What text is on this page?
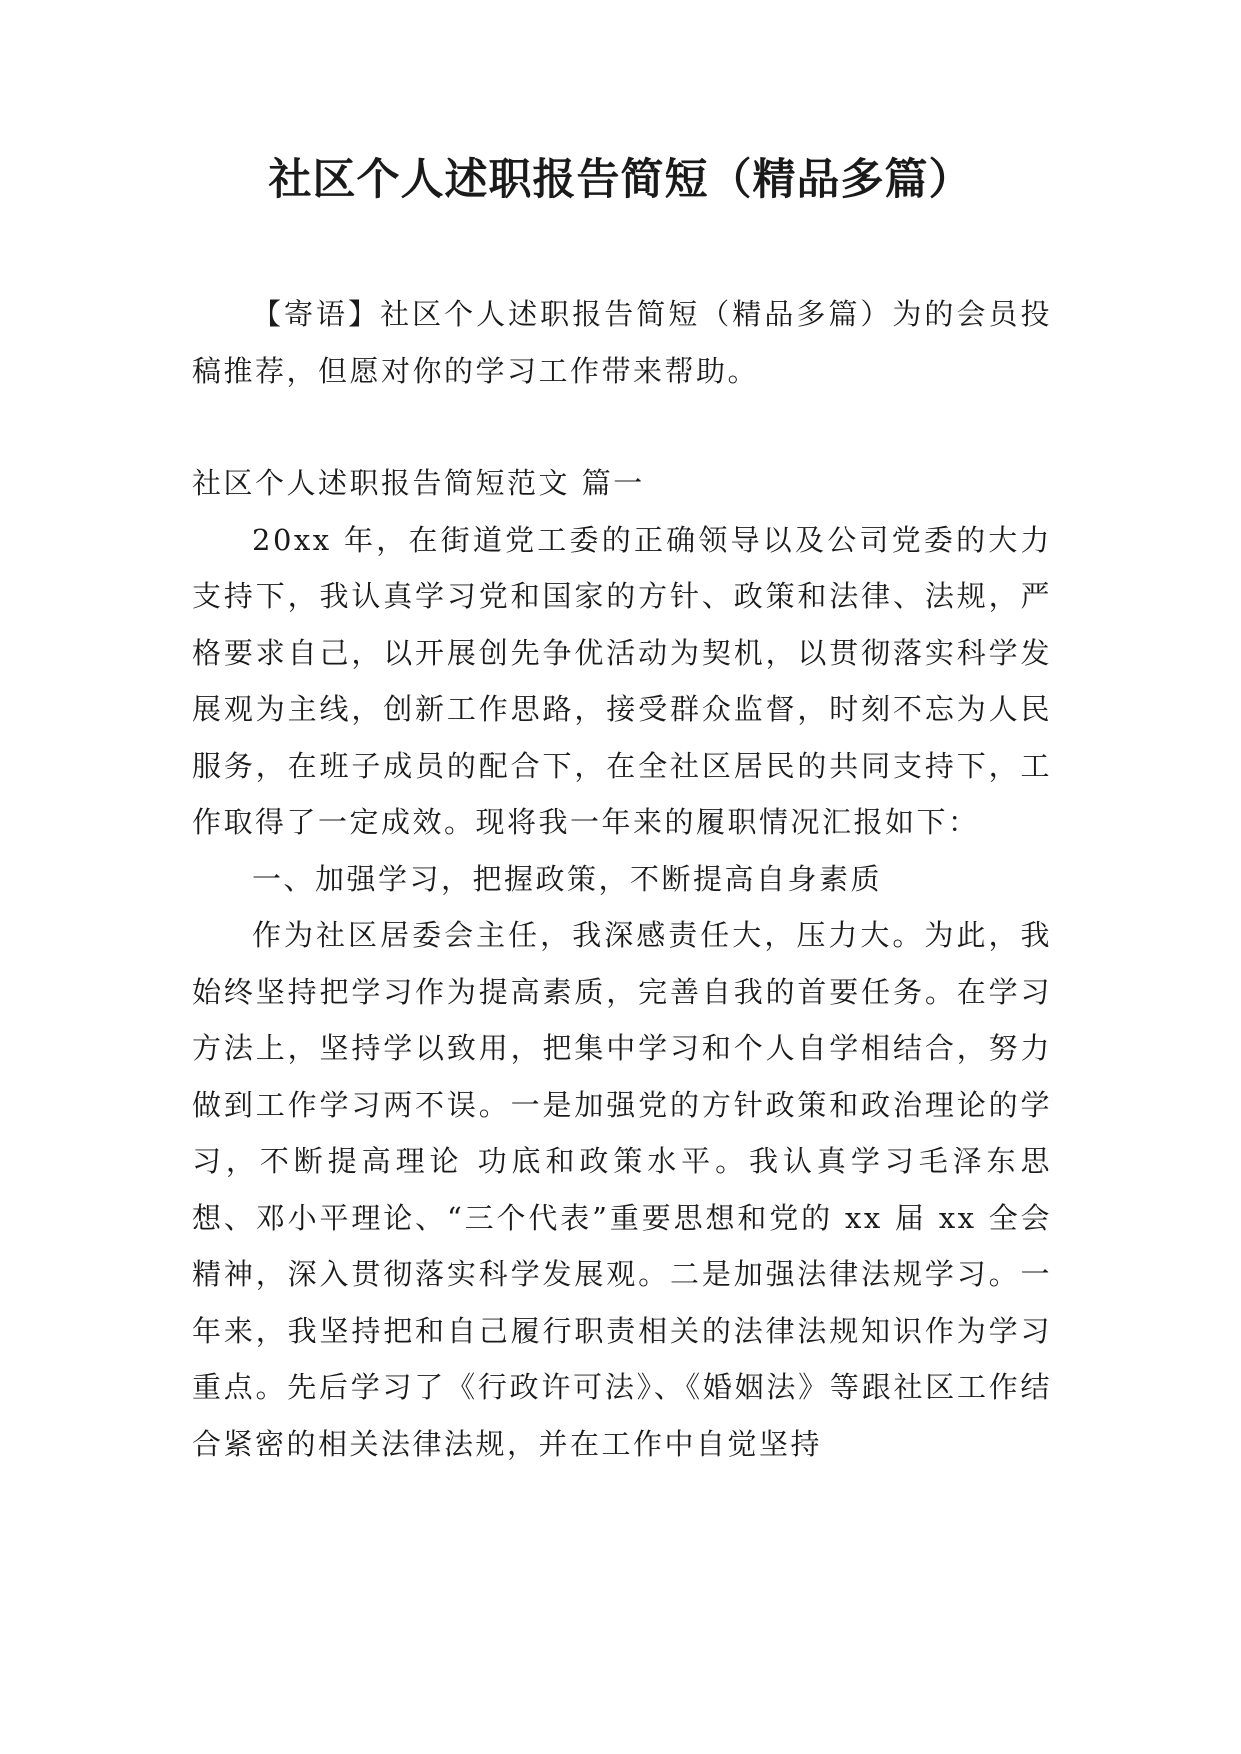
社区个人述职报告简短（精品多篇）

【寄语】社区个人述职报告简短（精品多篇）为的会员投稿推荐，但愿对你的学习工作带来帮助。

社区个人述职报告简短范文 篇一

20xx 年，在街道党工委的正确领导以及公司党委的大力支持下，我认真学习党和国家的方针、政策和法律、法规，严格要求自己，以开展创先争优活动为契机，以贯彻落实科学发展观为主线，创新工作思路，接受群众监督，时刻不忘为人民服务，在班子成员的配合下，在全社区居民的共同支持下，工作取得了一定成效。现将我一年来的履职情况汇报如下：

一、加强学习，把握政策，不断提高自身素质

作为社区居委会主任，我深感责任大，压力大。为此，我始终坚持把学习作为提高素质，完善自我的首要任务。在学习方法上，坚持学以致用，把集中学习和个人自学相结合，努力做到工作学习两不误。一是加强党的方针政策和政治理论的学习，不断提高理论 功底和政策水平。我认真学习毛泽东思想、邓小平理论、“三个代表”重要思想和党的 xx 届 xx 全会精神，深入贯彻落实科学发展观。二是加强法律法规学习。一年来，我坚持把和自己履行职责相关的法律法规知识作为学习重点。先后学习了《行政许可法》、《婚姻法》等跟社区工作结合紧密的相关法律法规，并在工作中自觉坚持
